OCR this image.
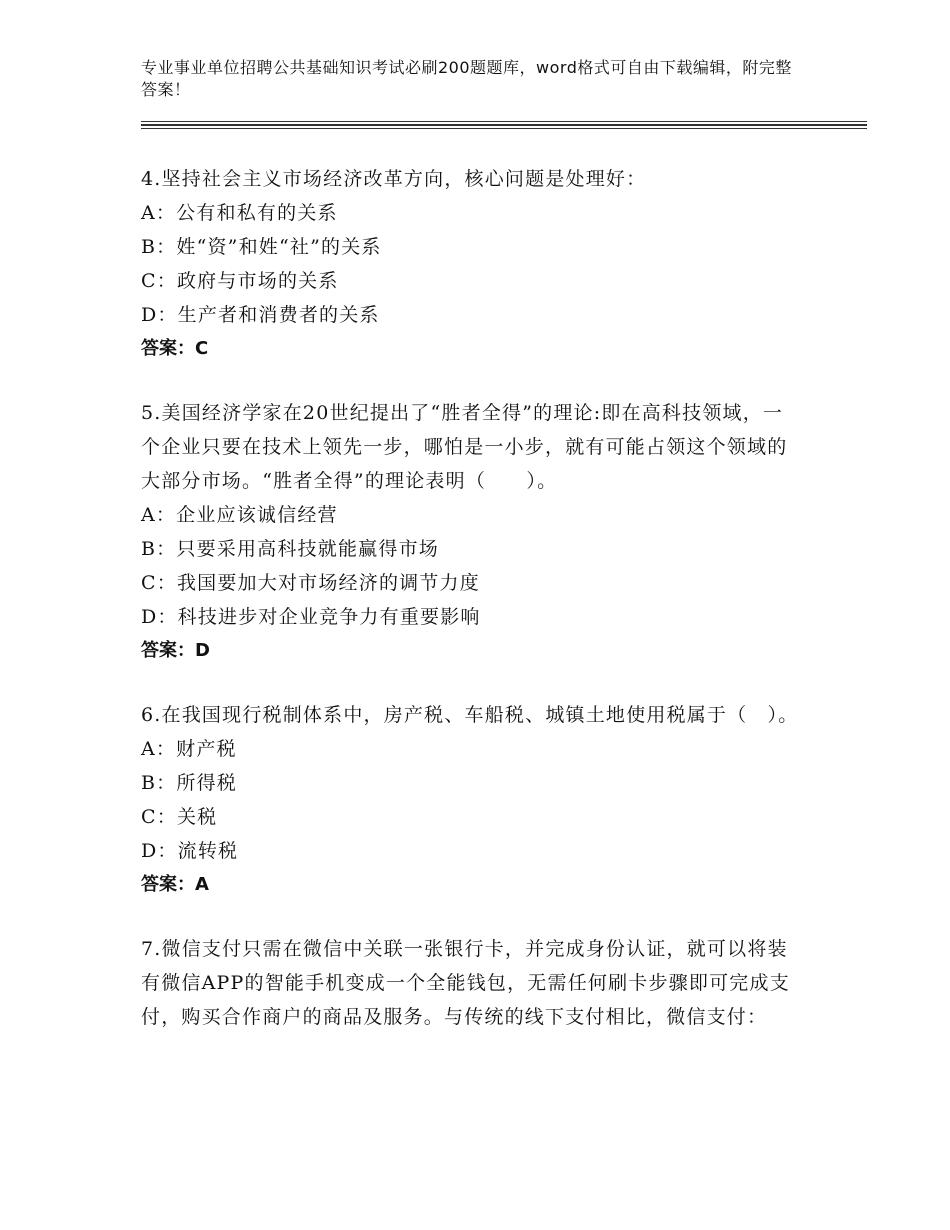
专业事业单位招聘公共基础知识考试必刷200题题库，word格式可自由下载编辑，附完整答案！

4.坚持社会主义市场经济改革方向，核心问题是处理好：

A：公有和私有的关系

B：姓“资”和姓“社”的关系

C：政府与市场的关系

D：生产者和消费者的关系

答案：C

5.美国经济学家在20世纪提出了“胜者全得”的理论:即在高科技领域，一个企业只要在技术上领先一步，哪怕是一小步，就有可能占领这个领域的大部分市场。“胜者全得”的理论表明（　　）。

A：企业应该诚信经营

B：只要采用高科技就能赢得市场

C：我国要加大对市场经济的调节力度

D：科技进步对企业竞争力有重要影响

答案：D

6.在我国现行税制体系中，房产税、车船税、城镇土地使用税属于（　）。

A：财产税

B：所得税

C：关税

D：流转税

答案：A

7.微信支付只需在微信中关联一张银行卡，并完成身份认证，就可以将装有微信APP的智能手机变成一个全能钱包，无需任何刷卡步骤即可完成支付，购买合作商户的商品及服务。与传统的线下支付相比，微信支付：
